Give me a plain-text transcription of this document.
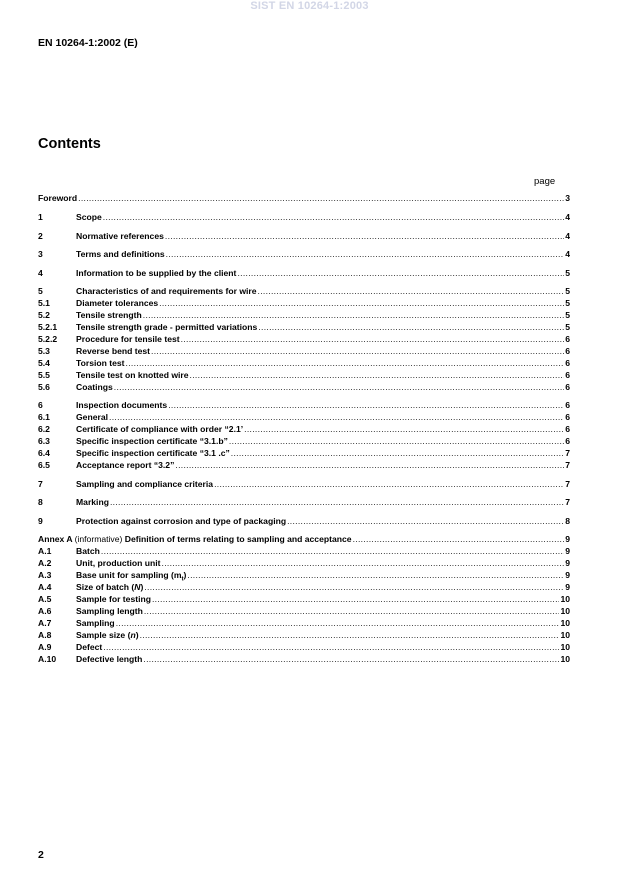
SIST EN 10264-1:2003
EN 10264-1:2002 (E)
Contents
page
Foreword .....	3
1	Scope .....	4
2	Normative references .....	4
3	Terms and definitions .....	4
4	Information to be supplied by the client .....	5
5	Characteristics of and requirements for wire .....	5
5.1	Diameter tolerances .....	5
5.2	Tensile strength .....	5
5.2.1	Tensile strength grade - permitted variations .....	5
5.2.2	Procedure for tensile test .....	6
5.3	Reverse bend test .....	6
5.4	Torsion test .....	6
5.5	Tensile test on knotted wire .....	6
5.6	Coatings .....	6
6	Inspection documents .....	6
6.1	General .....	6
6.2	Certificate of compliance with order “2.1’ .....	6
6.3	Specific inspection certificate “3.1.b” .....	6
6.4	Specific inspection certificate “3.1 .c” .....	7
6.5	Acceptance report “3.2” .....	7
7	Sampling and compliance criteria .....	7
8	Marking .....	7
9	Protection against corrosion and type of packaging .....	8
Annex A (informative) Definition of terms relating to sampling and acceptance .....	9
A.1	Batch .....	9
A.2	Unit, production unit .....	9
A.3	Base unit for sampling $(m_t)$ .....	9
A.4	Size of batch (N) .....	9
A.5	Sample for testing .....	10
A.6	Sampling length .....	10
A.7	Sampling .....	10
A.8	Sample size (n) .....	10
A.9	Defect .....	10
A.10	Defective length .....	10
2
